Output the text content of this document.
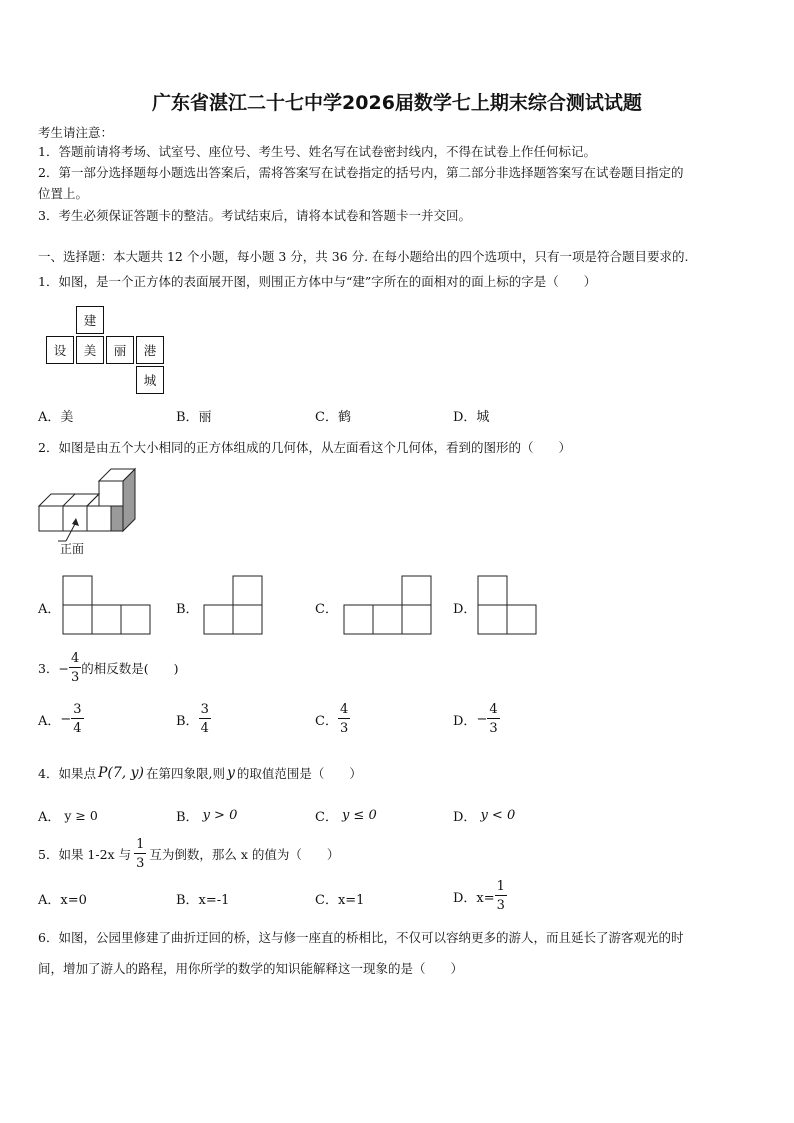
广东省湛江二十七中学2026届数学七上期末综合测试试题
考生请注意：
1．答题前请将考场、试室号、座位号、考生号、姓名写在试卷密封线内，不得在试卷上作任何标记。
2．第一部分选择题每小题选出答案后，需将答案写在试卷指定的括号内，第二部分非选择题答案写在试卷题目指定的
位置上。
3．考生必须保证答题卡的整洁。考试结束后，请将本试卷和答题卡一并交回。
一、选择题：本大题共 12 个小题，每小题 3 分，共 36 分. 在每小题给出的四个选项中，只有一项是符合题目要求的.
1．如图，是一个正方体的表面展开图，则围正方体中与“建”字所在的面相对的面上标的字是（　　）
建
设	美	丽	港
城
A．美	B．丽	C．鹤	D．城
2．如图是由五个大小相同的正方体组成的几何体，从左面看这个几何体，看到的图形的（　　）
正面
A．	B．	C．	D．
3． − $\frac{4}{3}$ 的相反数是(　　)
A． − $\frac{3}{4}$	B． $\frac{3}{4}$	C． $\frac{4}{3}$	D． − $\frac{4}{3}$
4．如果点 P(7, y) 在第四象限,则 y 的取值范围是（　　）
A． y ≥ 0	B． y > 0	C． y ≤ 0	D． y < 0
5．如果 1-2x 与 $\frac{1}{3}$ 互为倒数，那么 x 的值为（　　）
A．x=0	B．x=-1	C．x=1	D．$x= \frac{1}{3}$
6．如图，公园里修建了曲折迂回的桥，这与修一座直的桥相比，不仅可以容纳更多的游人，而且延长了游客观光的时
间，增加了游人的路程，用你所学的数学的知识能解释这一现象的是（　　）
